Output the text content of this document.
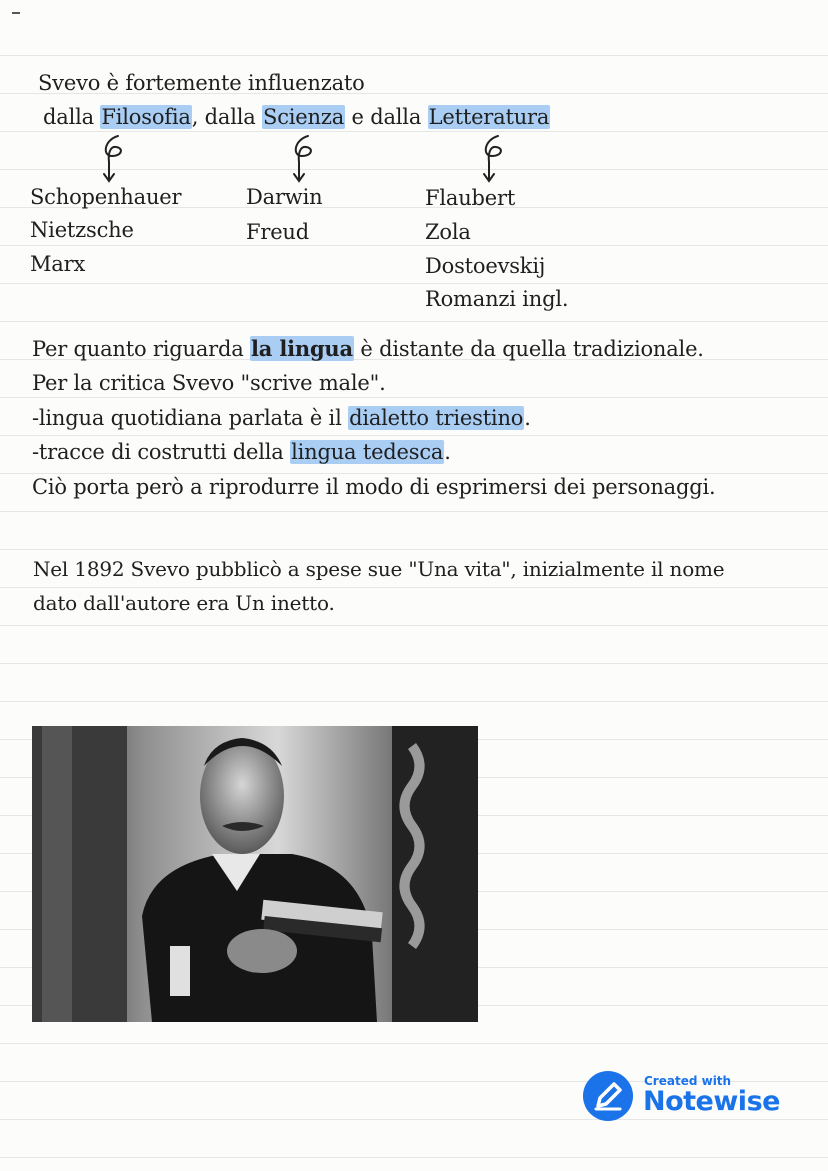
Svevo è fortemente influenzato
dalla Filosofia, dalla Scienza e dalla Letteratura
Schopenhauer
Nietzsche
Marx
Darwin
Freud
Flaubert
Zola
Dostoevskij
Romanzi ingl.
Per quanto riguarda la lingua è distante da quella tradizionale.
Per la critica Svevo "scrive male".
-lingua quotidiana parlata è il dialetto triestino.
-tracce di costrutti della lingua tedesca.
Ciò porta però a riprodurre il modo di esprimersi dei personaggi.
Nel 1892 Svevo pubblicò a spese sue "Una vita", inizialmente il nome
dato dall'autore era Un inetto.
Created with
Notewise
